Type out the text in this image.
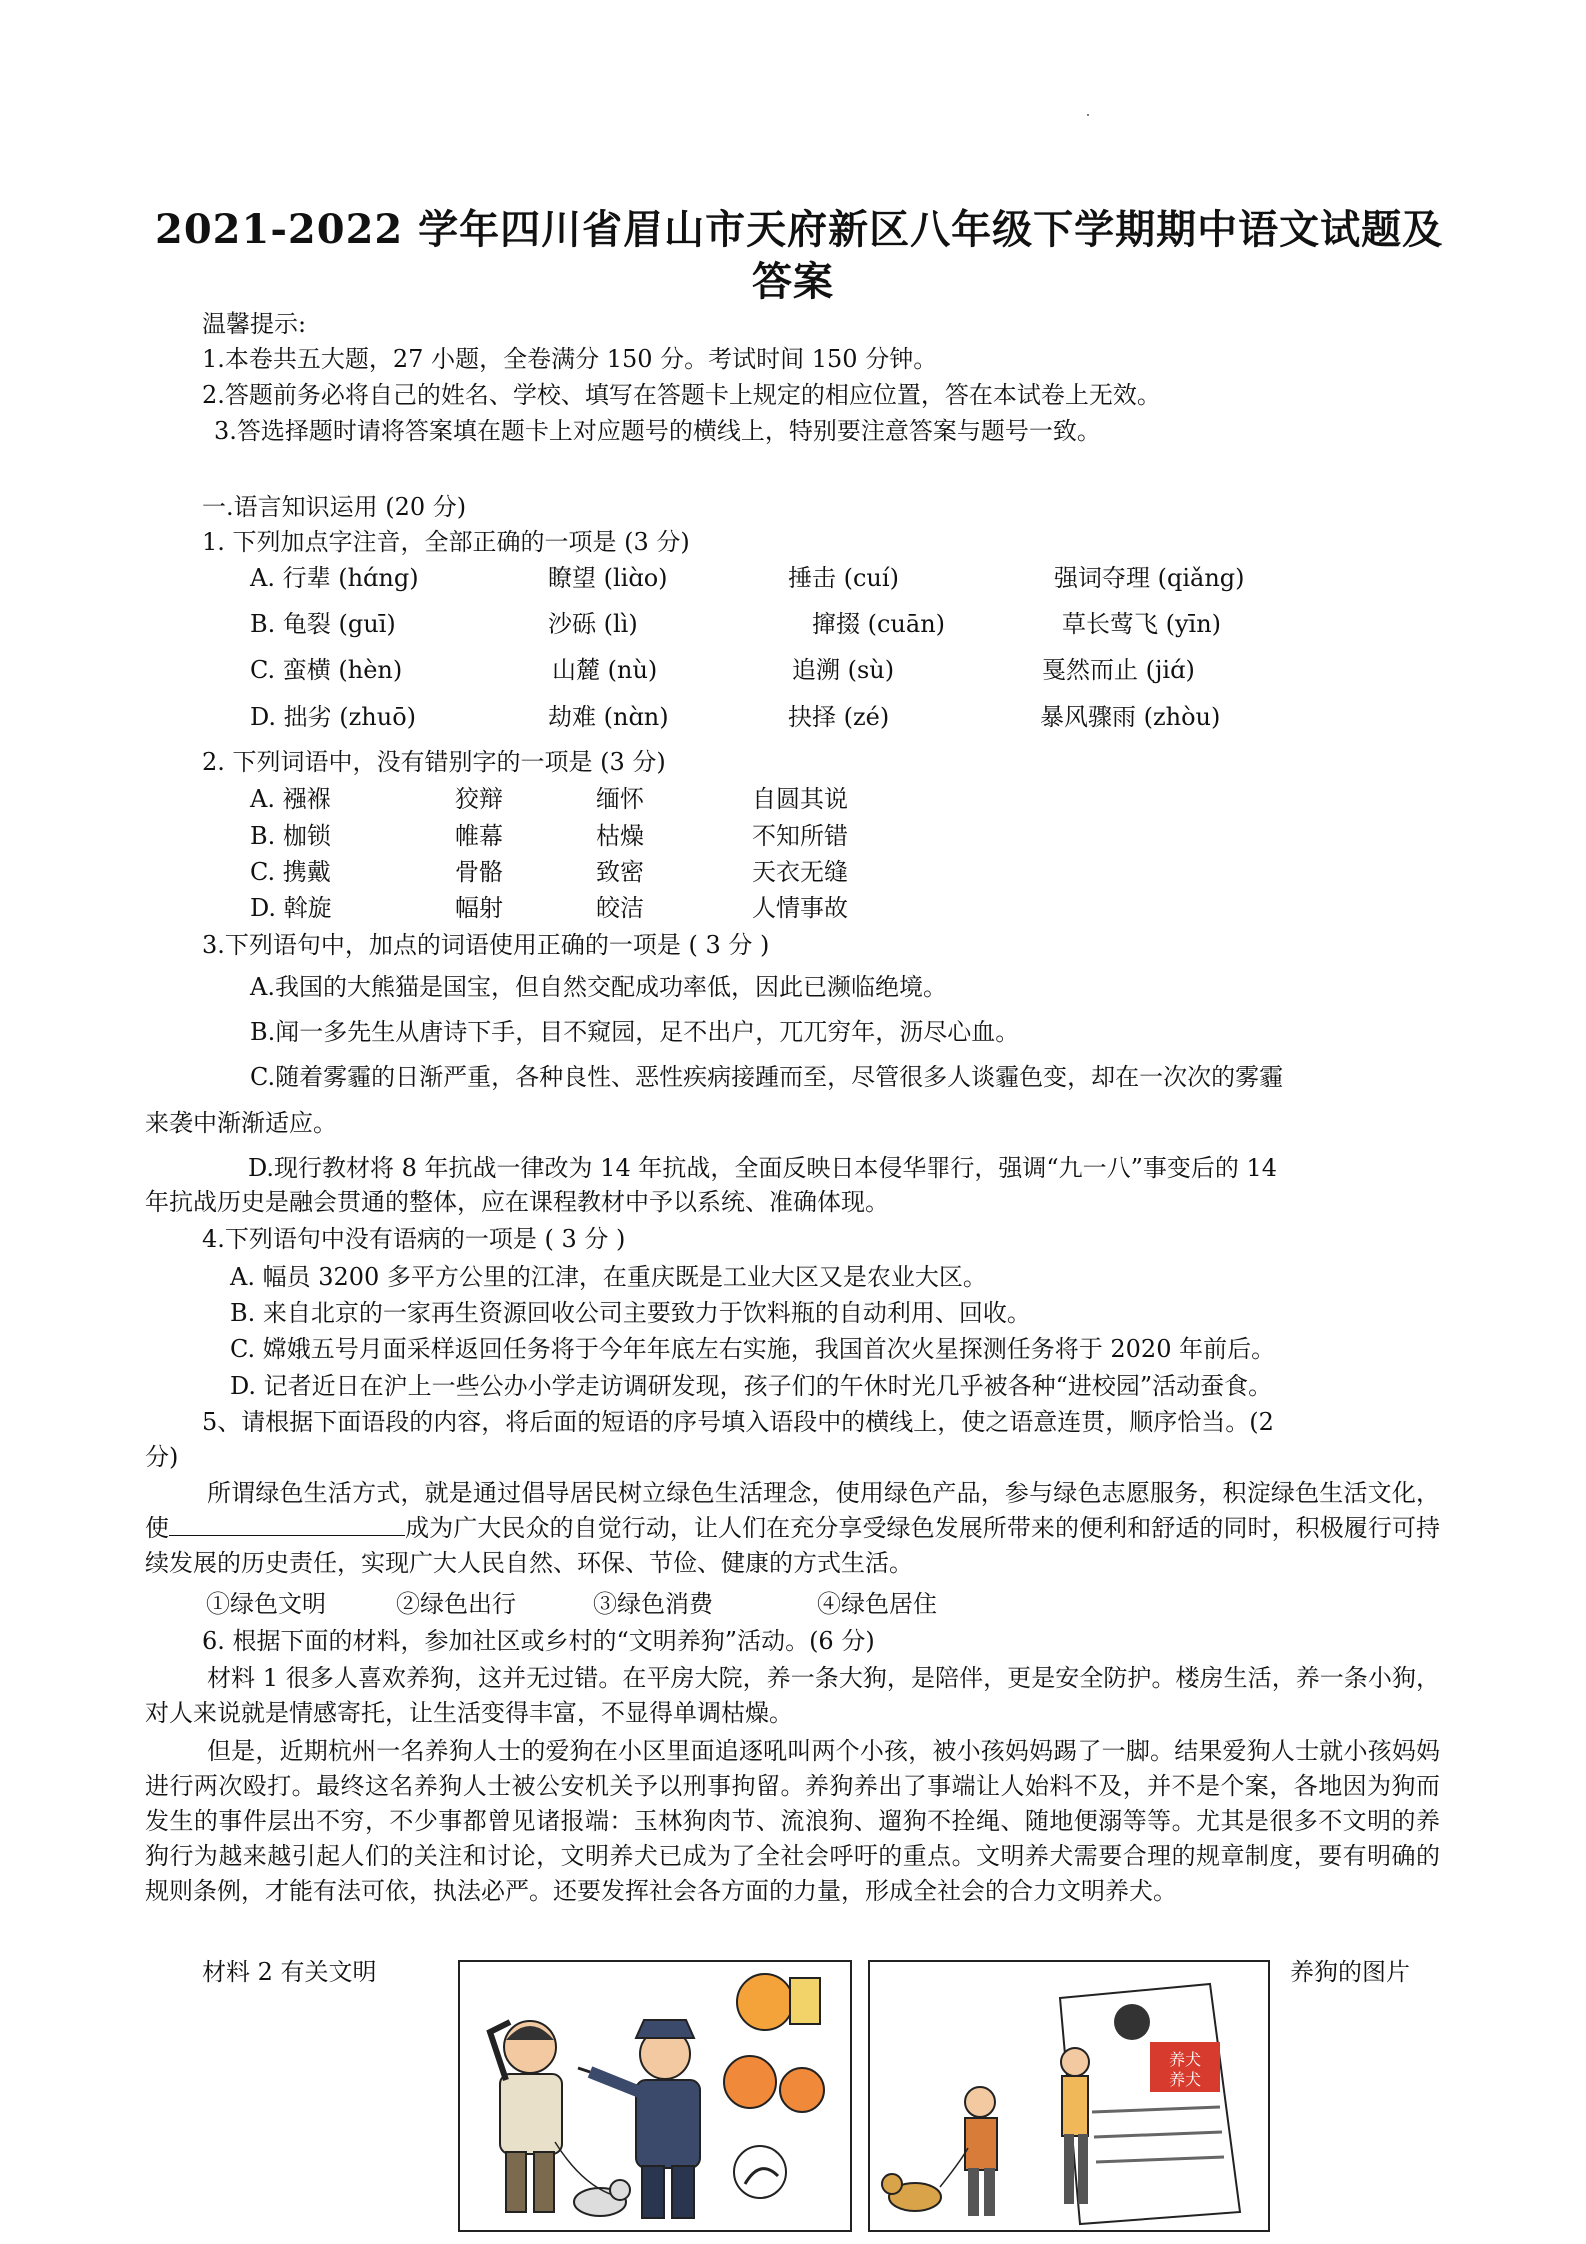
2021-2022 学年四川省眉山市天府新区八年级下学期期中语文试题及
答案
温馨提示:
1.本卷共五大题，27 小题，全卷满分 150 分。考试时间 150 分钟。
2.答题前务必将自己的姓名、学校、填写在答题卡上规定的相应位置，答在本试卷上无效。
3.答选择题时请将答案填在题卡上对应题号的横线上，特别要注意答案与题号一致。
一.语言知识运用 (20 分)
1. 下列加点字注音，全部正确的一项是 (3 分)
A. 行辈 (hɑ́ng)	瞭望 (liɑ̀o)	捶击 (cuí)	强词夺理 (qiǎng)
B. 龟裂 (guī)	沙砾 (lì)	撺掇 (cuān)	草长莺飞 (yīn)
C. 蛮横 (hèn)	山麓 (nù)	追溯 (sù)	戛然而止 (jiɑ́)
D. 拙劣 (zhuō)	劫难 (nɑ̀n)	抉择 (zé)	暴风骤雨 (zhòu)
2. 下列词语中，没有错别字的一项是 (3 分)
A. 襁褓	狡辩	缅怀	自圆其说
B. 枷锁	帷幕	枯燥	不知所错
C. 携戴	骨骼	致密	天衣无缝
D. 斡旋	幅射	皎洁	人情事故
3.下列语句中，加点的词语使用正确的一项是 ( 3 分 )
A.我国的大熊猫是国宝，但自然交配成功率低，因此已濒临绝境。
B.闻一多先生从唐诗下手，目不窥园，足不出户，兀兀穷年，沥尽心血。
C.随着雾霾的日渐严重，各种良性、恶性疾病接踵而至，尽管很多人谈霾色变，却在一次次的雾霾
来袭中渐渐适应。
D.现行教材将 8 年抗战一律改为 14 年抗战，全面反映日本侵华罪行，强调“九一八”事变后的 14
年抗战历史是融会贯通的整体，应在课程教材中予以系统、准确体现。
4.下列语句中没有语病的一项是 ( 3 分 )
A. 幅员 3200 多平方公里的江津，在重庆既是工业大区又是农业大区。
B. 来自北京的一家再生资源回收公司主要致力于饮料瓶的自动利用、回收。
C. 嫦娥五号月面采样返回任务将于今年年底左右实施，我国首次火星探测任务将于 2020 年前后。
D. 记者近日在沪上一些公办小学走访调研发现，孩子们的午休时光几乎被各种“进校园”活动蚕食。
5、请根据下面语段的内容，将后面的短语的序号填入语段中的横线上，使之语意连贯，顺序恰当。(2
分)
所谓绿色生活方式，就是通过倡导居民树立绿色生活理念，使用绿色产品，参与绿色志愿服务，积淀绿色生活文化，使	成为广大民众的自觉行动，让人们在充分享受绿色发展所带来的便利和舒适的同时，积极履行可持续发展的历史责任，实现广大人民自然、环保、节俭、健康的方式生活。
①绿色文明	②绿色出行	③绿色消费	④绿色居住
6. 根据下面的材料，参加社区或乡村的“文明养狗”活动。(6 分)
材料 1 很多人喜欢养狗，这并无过错。在平房大院，养一条大狗，是陪伴，更是安全防护。楼房生活，养一条小狗，对人来说就是情感寄托，让生活变得丰富，不显得单调枯燥。
但是，近期杭州一名养狗人士的爱狗在小区里面追逐吼叫两个小孩，被小孩妈妈踢了一脚。结果爱狗人士就小孩妈妈进行两次殴打。最终这名养狗人士被公安机关予以刑事拘留。养狗养出了事端让人始料不及，并不是个案，各地因为狗而发生的事件层出不穷，不少事都曾见诸报端：玉林狗肉节、流浪狗、遛狗不拴绳、随地便溺等等。尤其是很多不文明的养狗行为越来越引起人们的关注和讨论，文明养犬已成为了全社会呼吁的重点。文明养犬需要合理的规章制度，要有明确的规则条例，才能有法可依，执法必严。还要发挥社会各方面的力量，形成全社会的合力文明养犬。
材料 2 有关文明	养狗的图片
养犬
养犬
